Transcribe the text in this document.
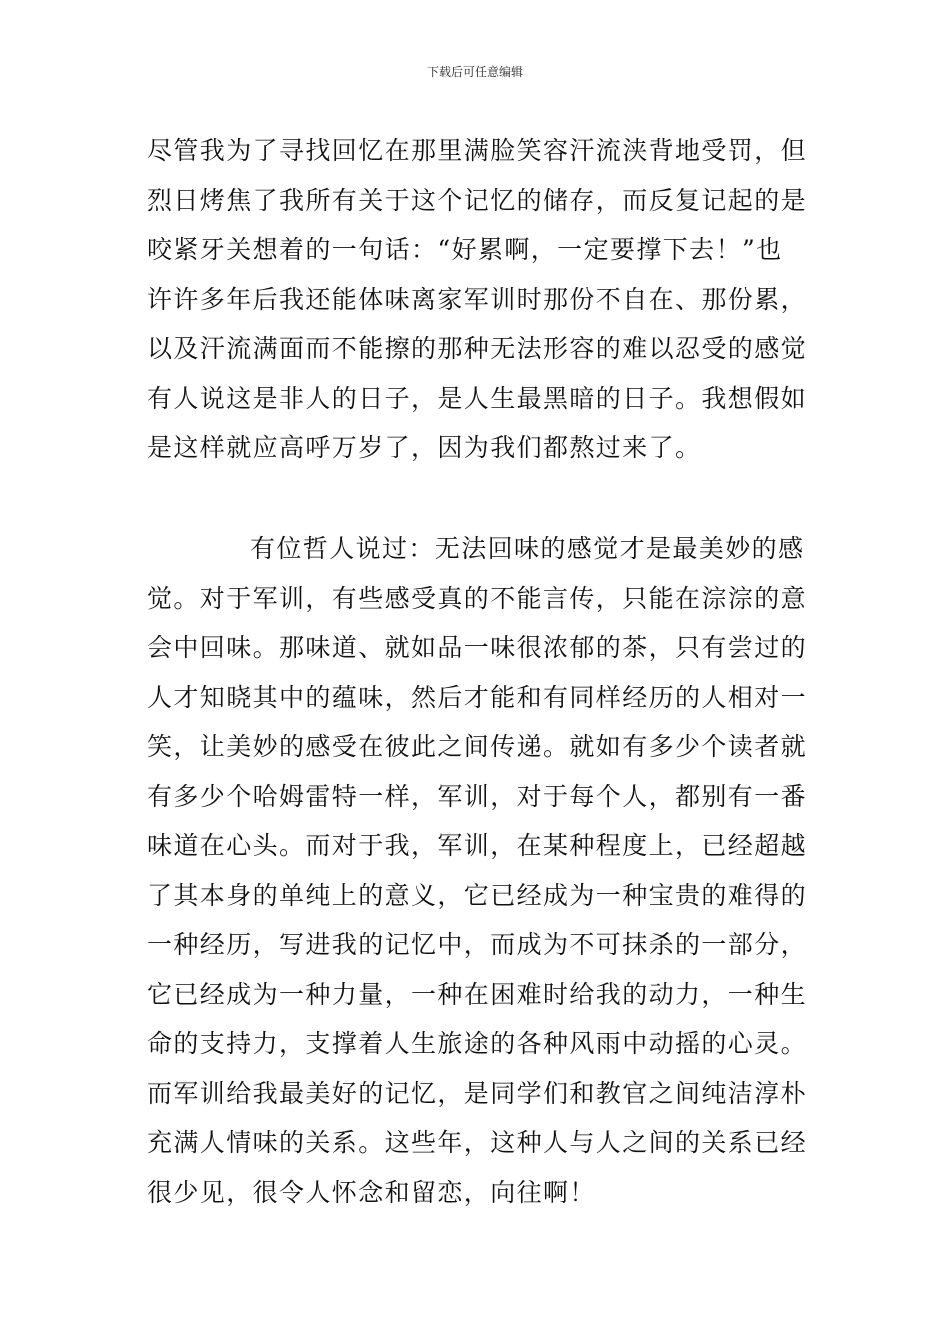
下载后可任意编辑
尽管我为了寻找回忆在那里满脸笑容汗流浃背地受罚，但
烈日烤焦了我所有关于这个记忆的储存，而反复记起的是
咬紧牙关想着的一句话：“好累啊，一定要撑下去！”也
许许多年后我还能体味离家军训时那份不自在、那份累，
以及汗流满面而不能擦的那种无法形容的难以忍受的感觉
有人说这是非人的日子，是人生最黑暗的日子。我想假如
是这样就应高呼万岁了，因为我们都熬过来了。
有位哲人说过：无法回味的感觉才是最美妙的感
觉。对于军训，有些感受真的不能言传，只能在淙淙的意
会中回味。那味道、就如品一味很浓郁的茶，只有尝过的
人才知晓其中的蕴味，然后才能和有同样经历的人相对一
笑，让美妙的感受在彼此之间传递。就如有多少个读者就
有多少个哈姆雷特一样，军训，对于每个人，都别有一番
味道在心头。而对于我，军训，在某种程度上，已经超越
了其本身的单纯上的意义，它已经成为一种宝贵的难得的
一种经历，写进我的记忆中，而成为不可抹杀的一部分，
它已经成为一种力量，一种在困难时给我的动力，一种生
命的支持力，支撑着人生旅途的各种风雨中动摇的心灵。
而军训给我最美好的记忆，是同学们和教官之间纯洁淳朴
充满人情味的关系。这些年，这种人与人之间的关系已经
很少见，很令人怀念和留恋，向往啊！
